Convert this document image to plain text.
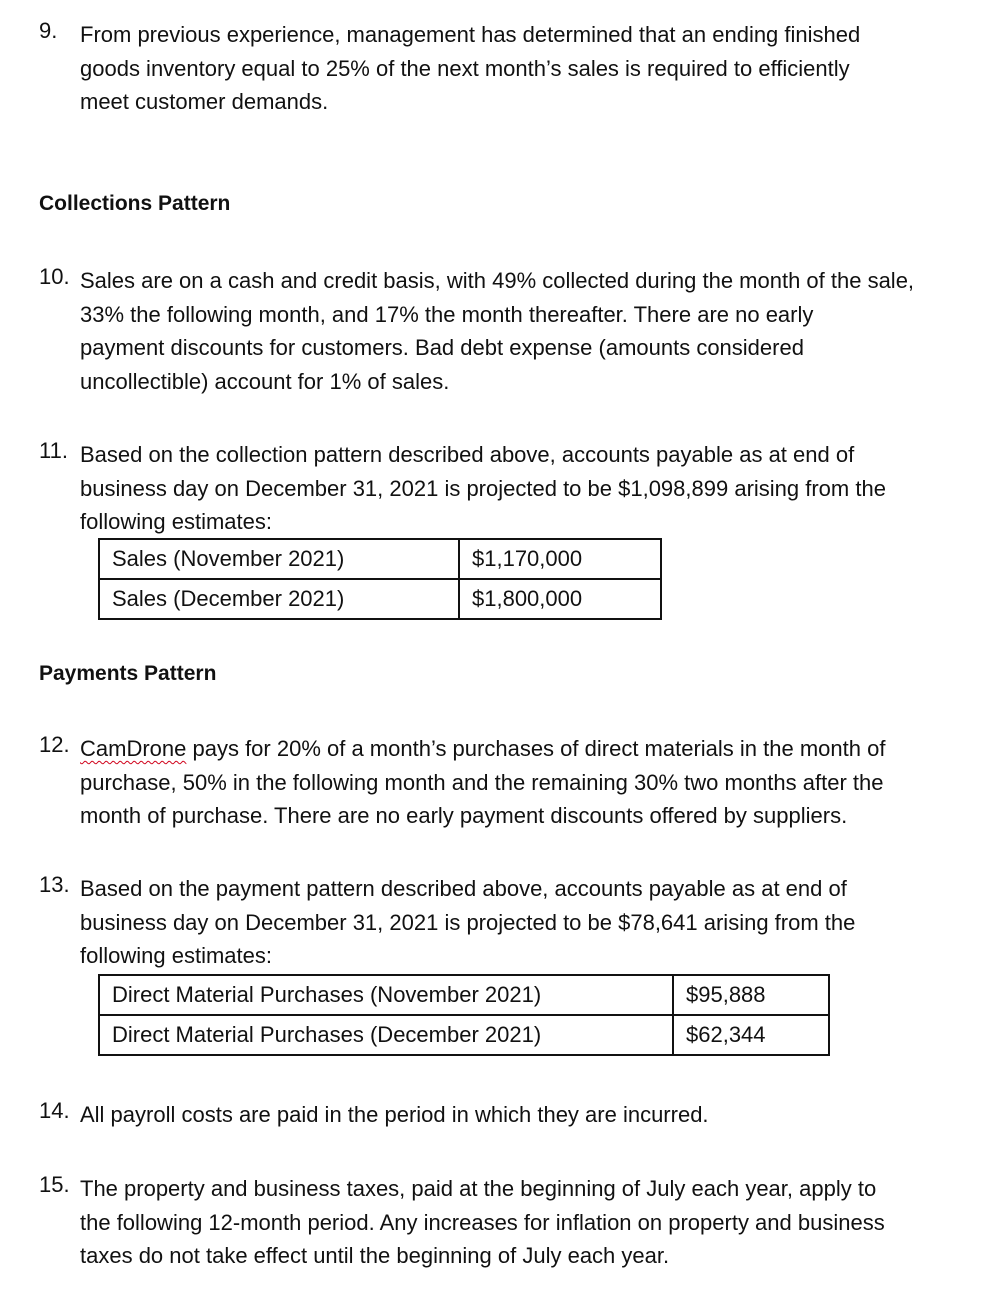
9. From previous experience, management has determined that an ending finished
goods inventory equal to 25% of the next month’s sales is required to efficiently
meet customer demands.
Collections Pattern
10. Sales are on a cash and credit basis, with 49% collected during the month of the sale,
33% the following month, and 17% the month thereafter. There are no early
payment discounts for customers. Bad debt expense (amounts considered
uncollectible) account for 1% of sales.
11. Based on the collection pattern described above, accounts payable as at end of
business day on December 31, 2021 is projected to be $1,098,899 arising from the
following estimates:
Sales (November 2021)	$1,170,000
Sales (December 2021)	$1,800,000
Payments Pattern
12. CamDrone pays for 20% of a month’s purchases of direct materials in the month of
purchase, 50% in the following month and the remaining 30% two months after the
month of purchase. There are no early payment discounts offered by suppliers.
13. Based on the payment pattern described above, accounts payable as at end of
business day on December 31, 2021 is projected to be $78,641 arising from the
following estimates:
Direct Material Purchases (November 2021)	$95,888
Direct Material Purchases (December 2021)	$62,344
14. All payroll costs are paid in the period in which they are incurred.
15. The property and business taxes, paid at the beginning of July each year, apply to
the following 12-month period. Any increases for inflation on property and business
taxes do not take effect until the beginning of July each year.
